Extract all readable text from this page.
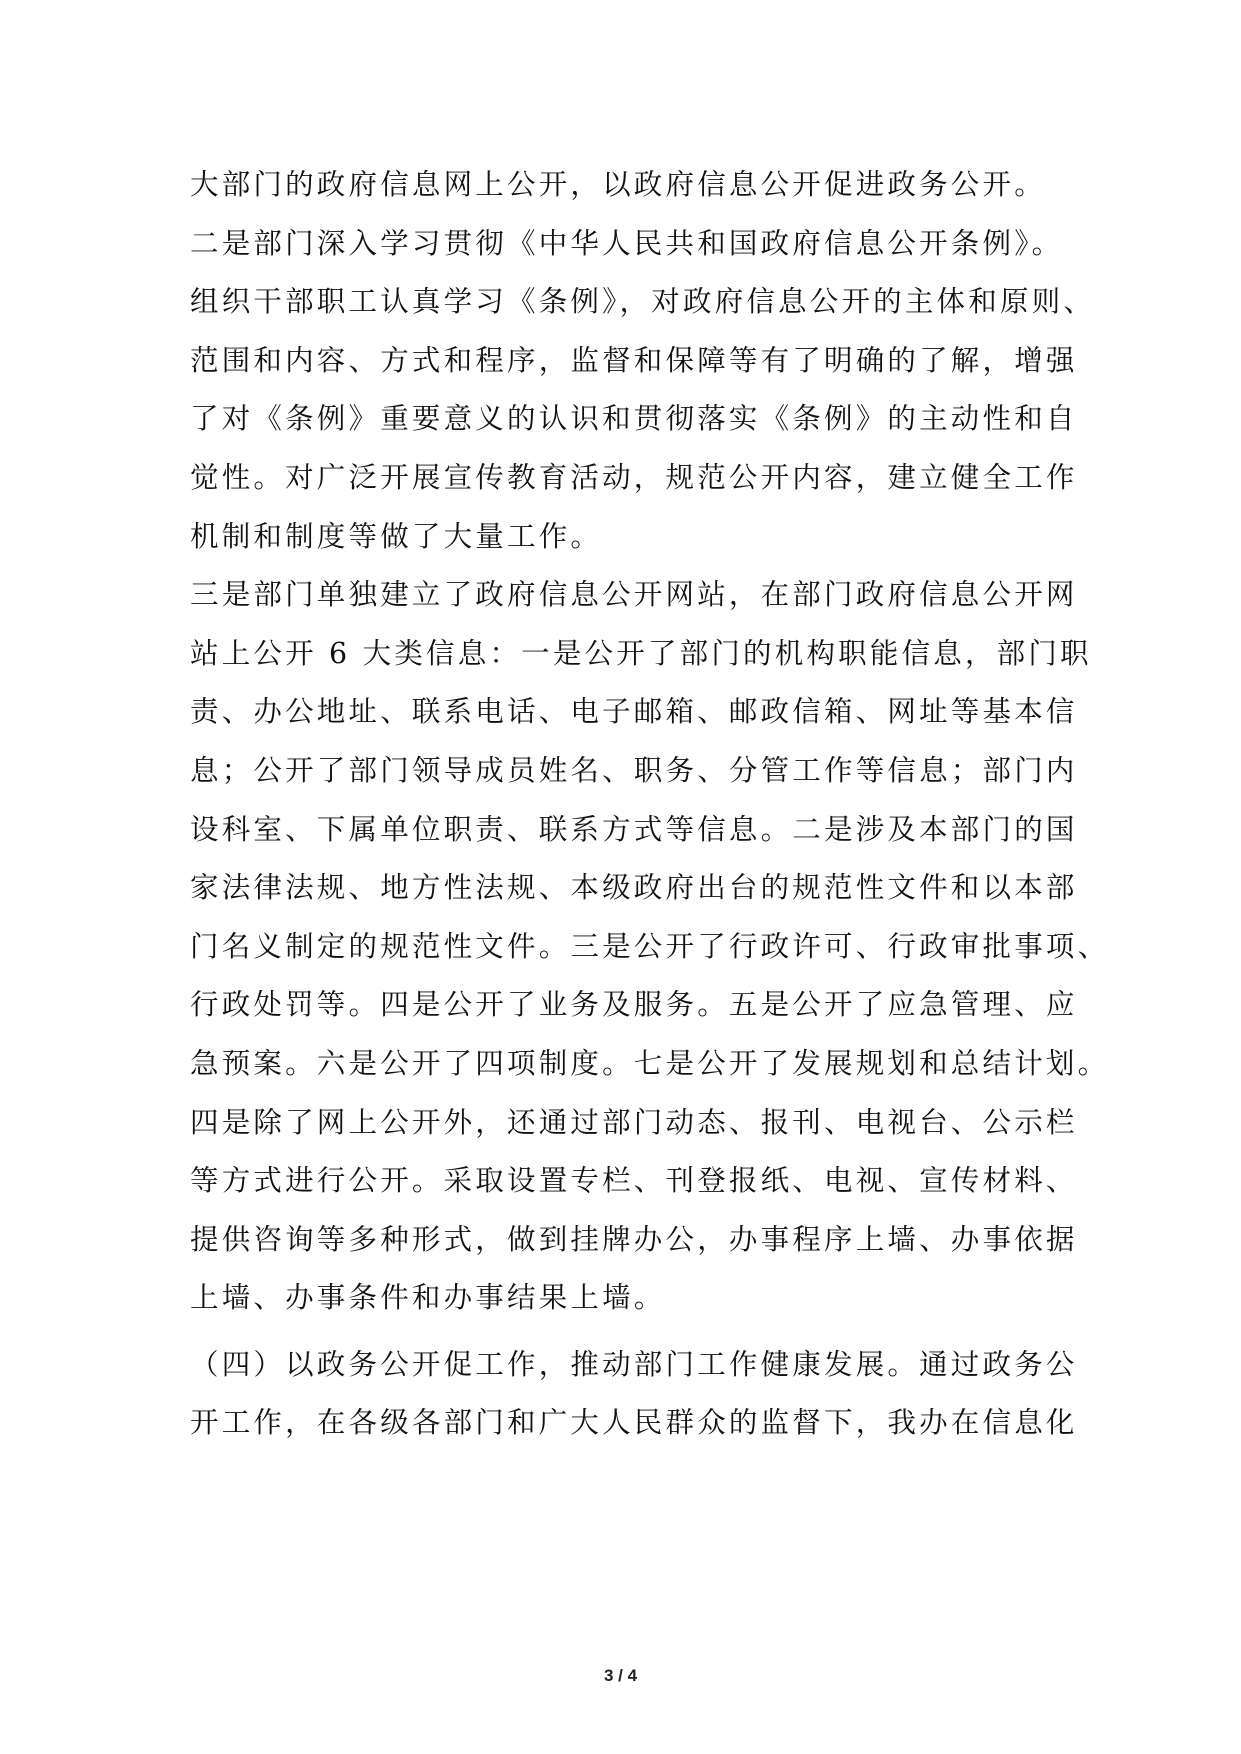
大部门的政府信息网上公开，以政府信息公开促进政务公开。
二是部门深入学习贯彻《中华人民共和国政府信息公开条例》。
组织干部职工认真学习《条例》，对政府信息公开的主体和原则、
范围和内容、方式和程序，监督和保障等有了明确的了解，增强
了对《条例》重要意义的认识和贯彻落实《条例》的主动性和自
觉性。对广泛开展宣传教育活动，规范公开内容，建立健全工作
机制和制度等做了大量工作。
三是部门单独建立了政府信息公开网站，在部门政府信息公开网
站上公开 6 大类信息：一是公开了部门的机构职能信息，部门职
责、办公地址、联系电话、电子邮箱、邮政信箱、网址等基本信
息；公开了部门领导成员姓名、职务、分管工作等信息；部门内
设科室、下属单位职责、联系方式等信息。二是涉及本部门的国
家法律法规、地方性法规、本级政府出台的规范性文件和以本部
门名义制定的规范性文件。三是公开了行政许可、行政审批事项、
行政处罚等。四是公开了业务及服务。五是公开了应急管理、应
急预案。六是公开了四项制度。七是公开了发展规划和总结计划。
四是除了网上公开外，还通过部门动态、报刊、电视台、公示栏
等方式进行公开。采取设置专栏、刊登报纸、电视、宣传材料、
提供咨询等多种形式，做到挂牌办公，办事程序上墙、办事依据
上墙、办事条件和办事结果上墙。
（四）以政务公开促工作，推动部门工作健康发展。通过政务公
开工作，在各级各部门和广大人民群众的监督下，我办在信息化
3 / 4
